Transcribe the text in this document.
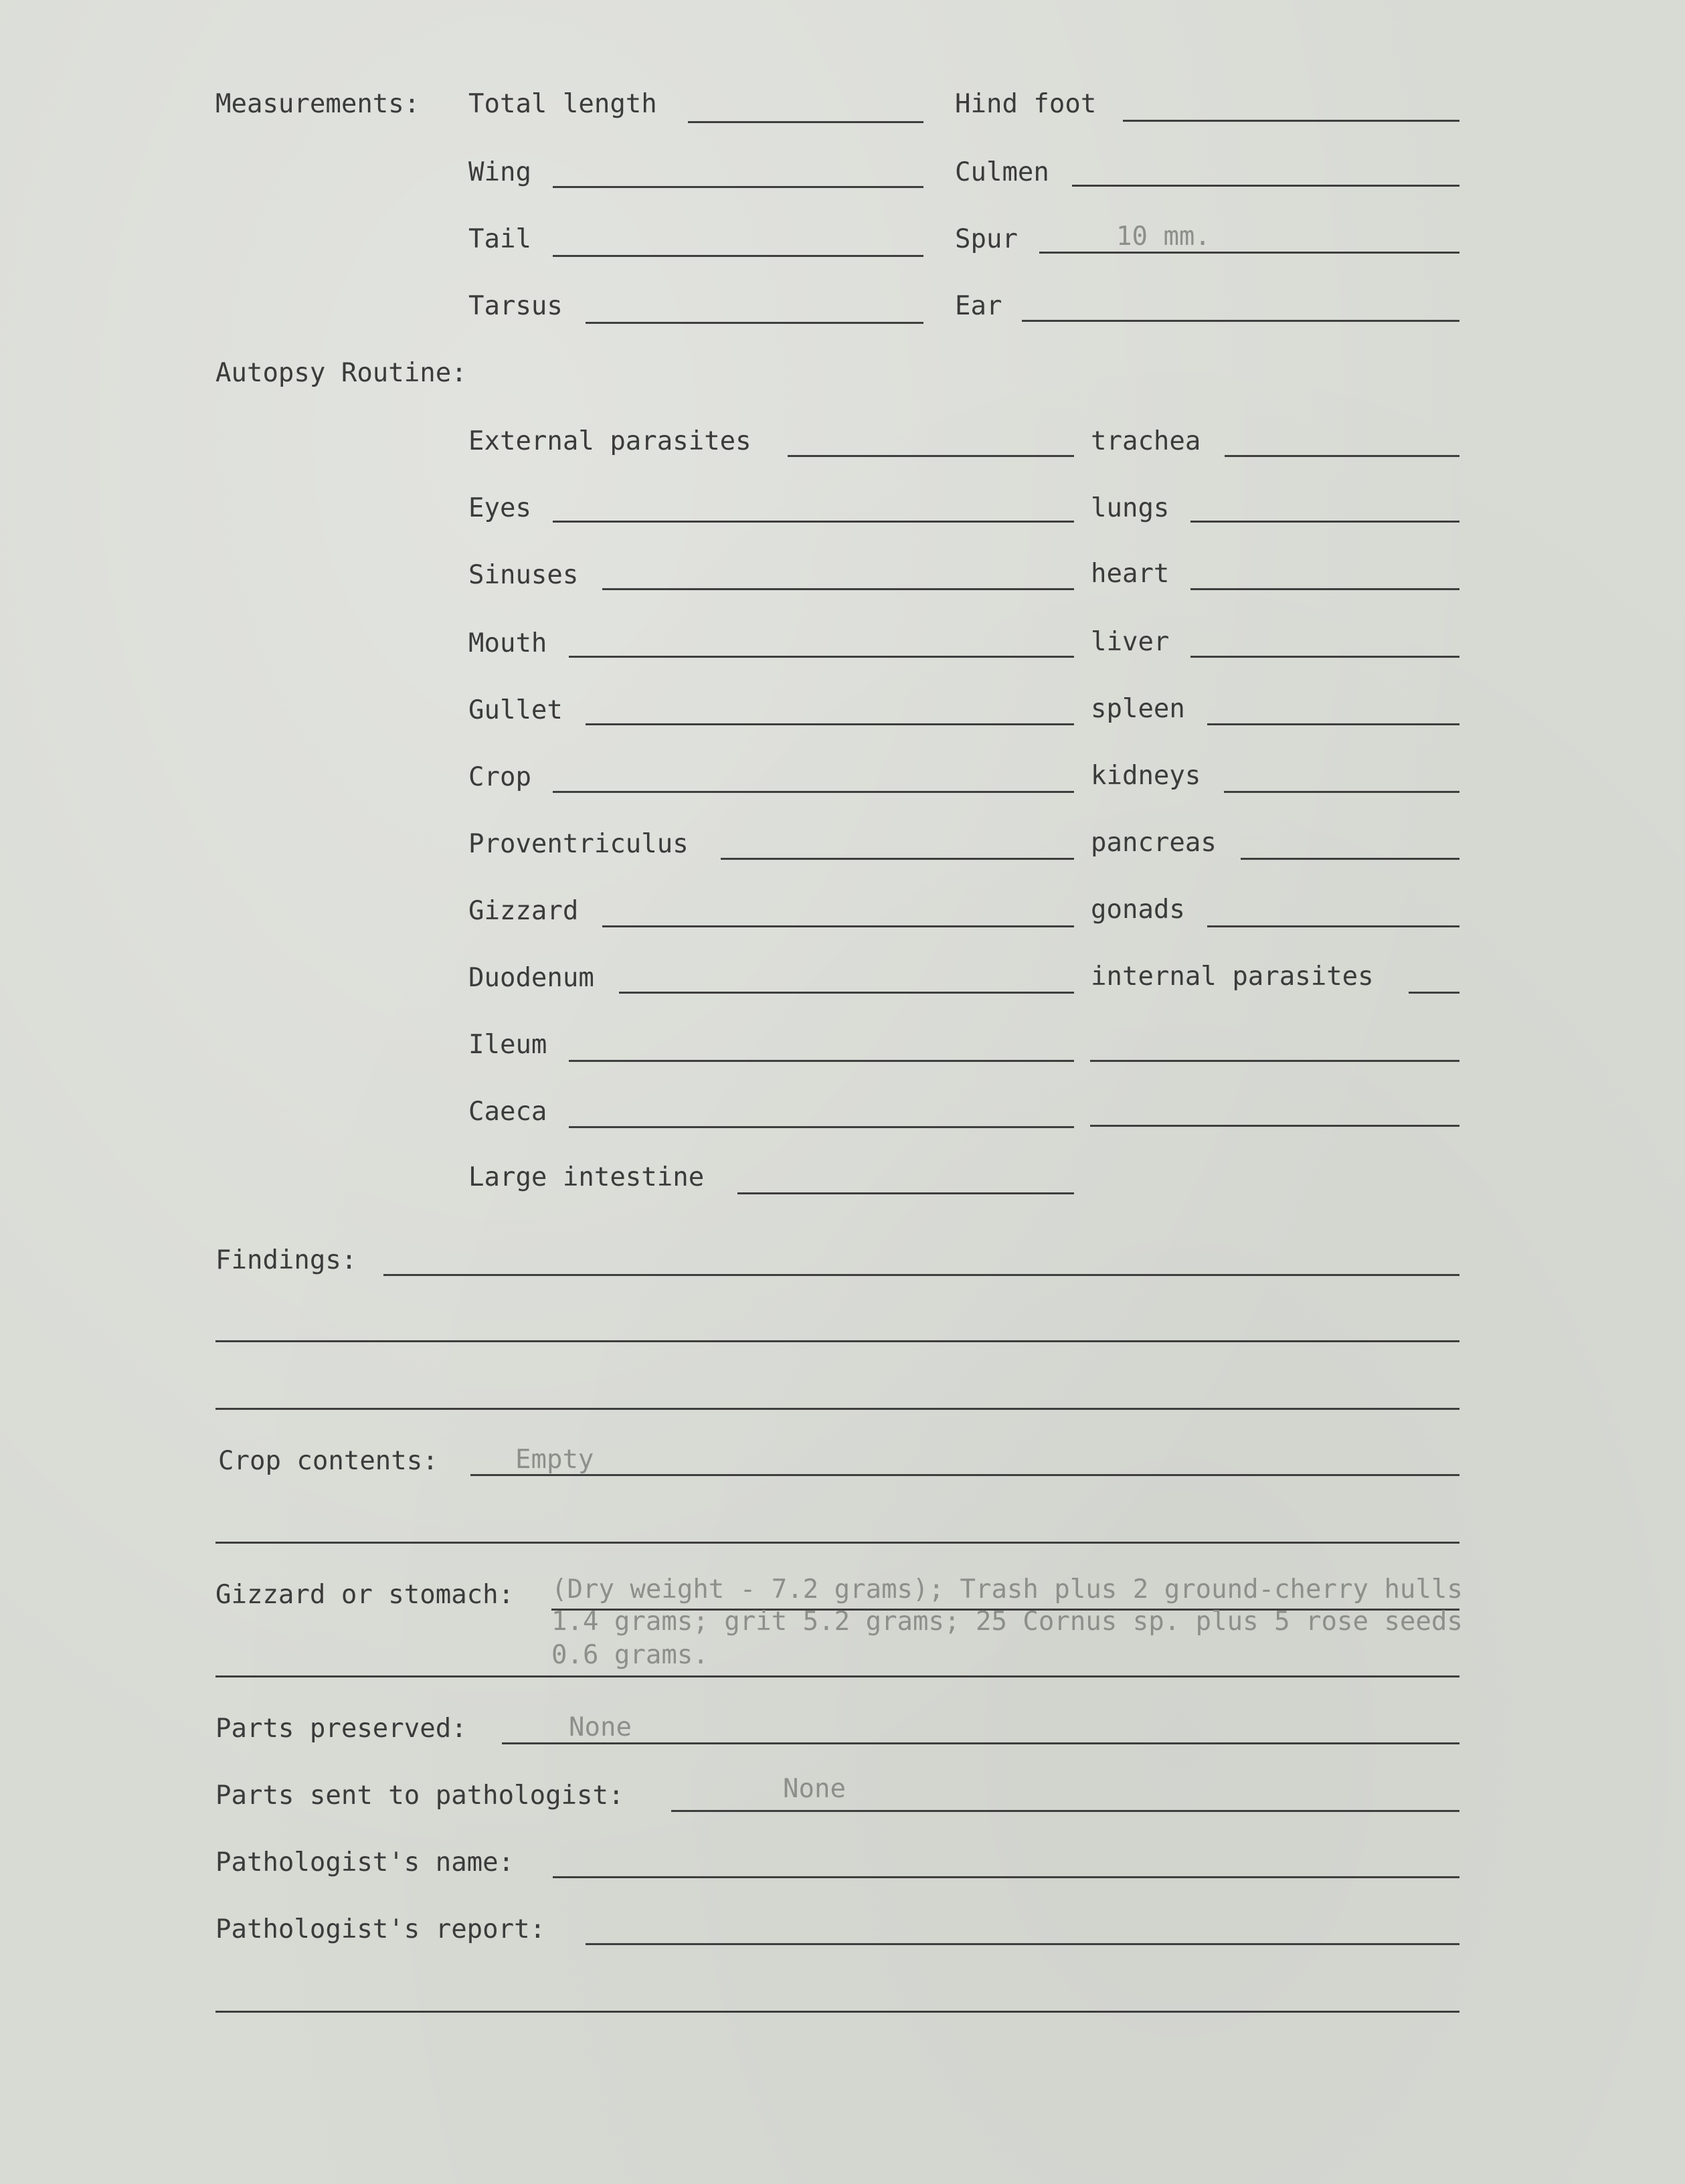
Measurements: Total length	Hind foot
Wing	Culmen
Tail	Spur	10 mm.
Tarsus	Ear
Autopsy Routine:
External parasites	trachea
Eyes	lungs
Sinuses	heart
Mouth	liver
Gullet	spleen
Crop	kidneys
Proventriculus	pancreas
Gizzard	gonads
Duodenum	internal parasites
Ileum
Caeca
Large intestine
Findings:
Crop contents:	Empty
Gizzard or stomach: (Dry weight - 7.2 grams); Trash plus 2 ground-cherry hulls
1.4 grams; grit 5.2 grams; 25 Cornus sp. plus 5 rose seeds
0.6 grams.
Parts preserved:	None
Parts sent to pathologist:	None
Pathologist's name:
Pathologist's report:
